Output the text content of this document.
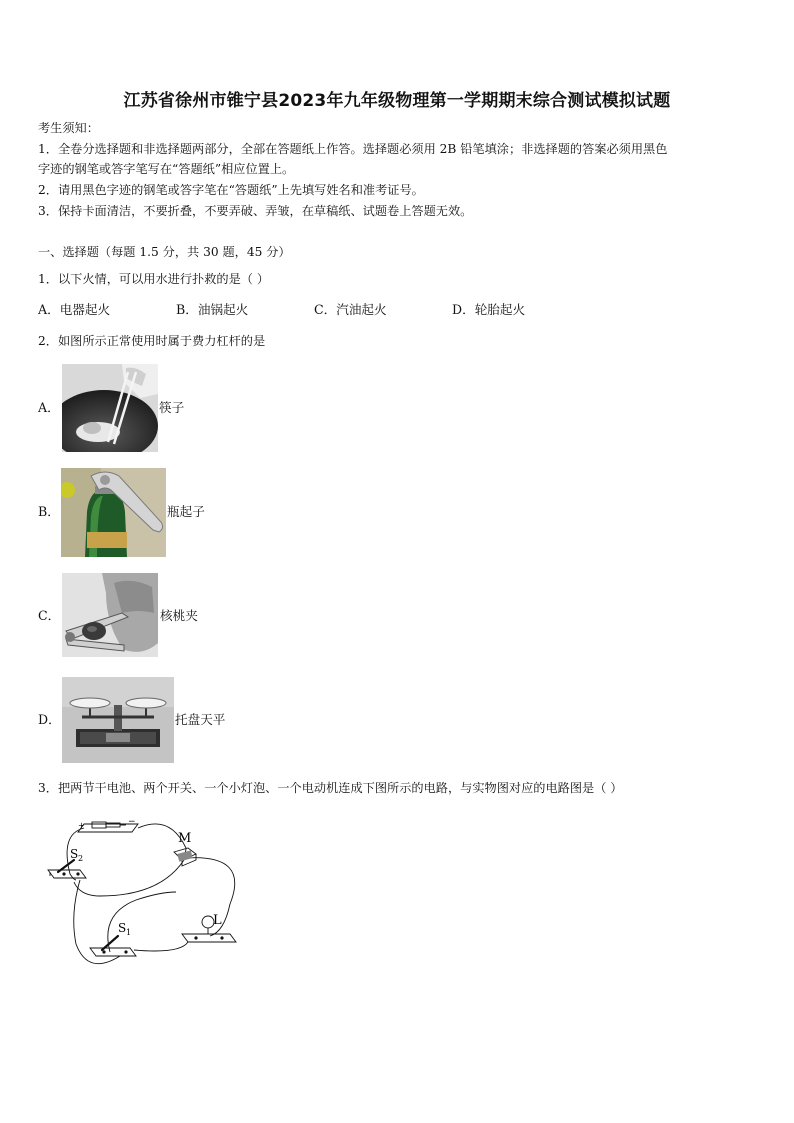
江苏省徐州市锥宁县2023年九年级物理第一学期期末综合测试模拟试题
考生须知：
1．全卷分选择题和非选择题两部分，全部在答题纸上作答。选择题必须用 2B 铅笔填涂；非选择题的答案必须用黑色
字迹的钢笔或答字笔写在“答题纸”相应位置上。
2．请用黑色字迹的钢笔或答字笔在“答题纸”上先填写姓名和准考证号。
3．保持卡面清洁，不要折叠，不要弄破、弄皱，在草稿纸、试题卷上答题无效。
一、选择题（每题 1.5 分，共 30 题，45 分）
1．以下火情，可以用水进行扑救的是（ ）
A．电器起火	B．油锅起火	C．汽油起火	D．轮胎起火
2．如图所示正常使用时属于费力杠杆的是
A．	筷子
B．	瓶起子
C．	核桃夹
D．	托盘天平
3．把两节干电池、两个开关、一个小灯泡、一个电动机连成下图所示的电路，与实物图对应的电路图是（ ）
+	−
M
L
S 2
S 1
